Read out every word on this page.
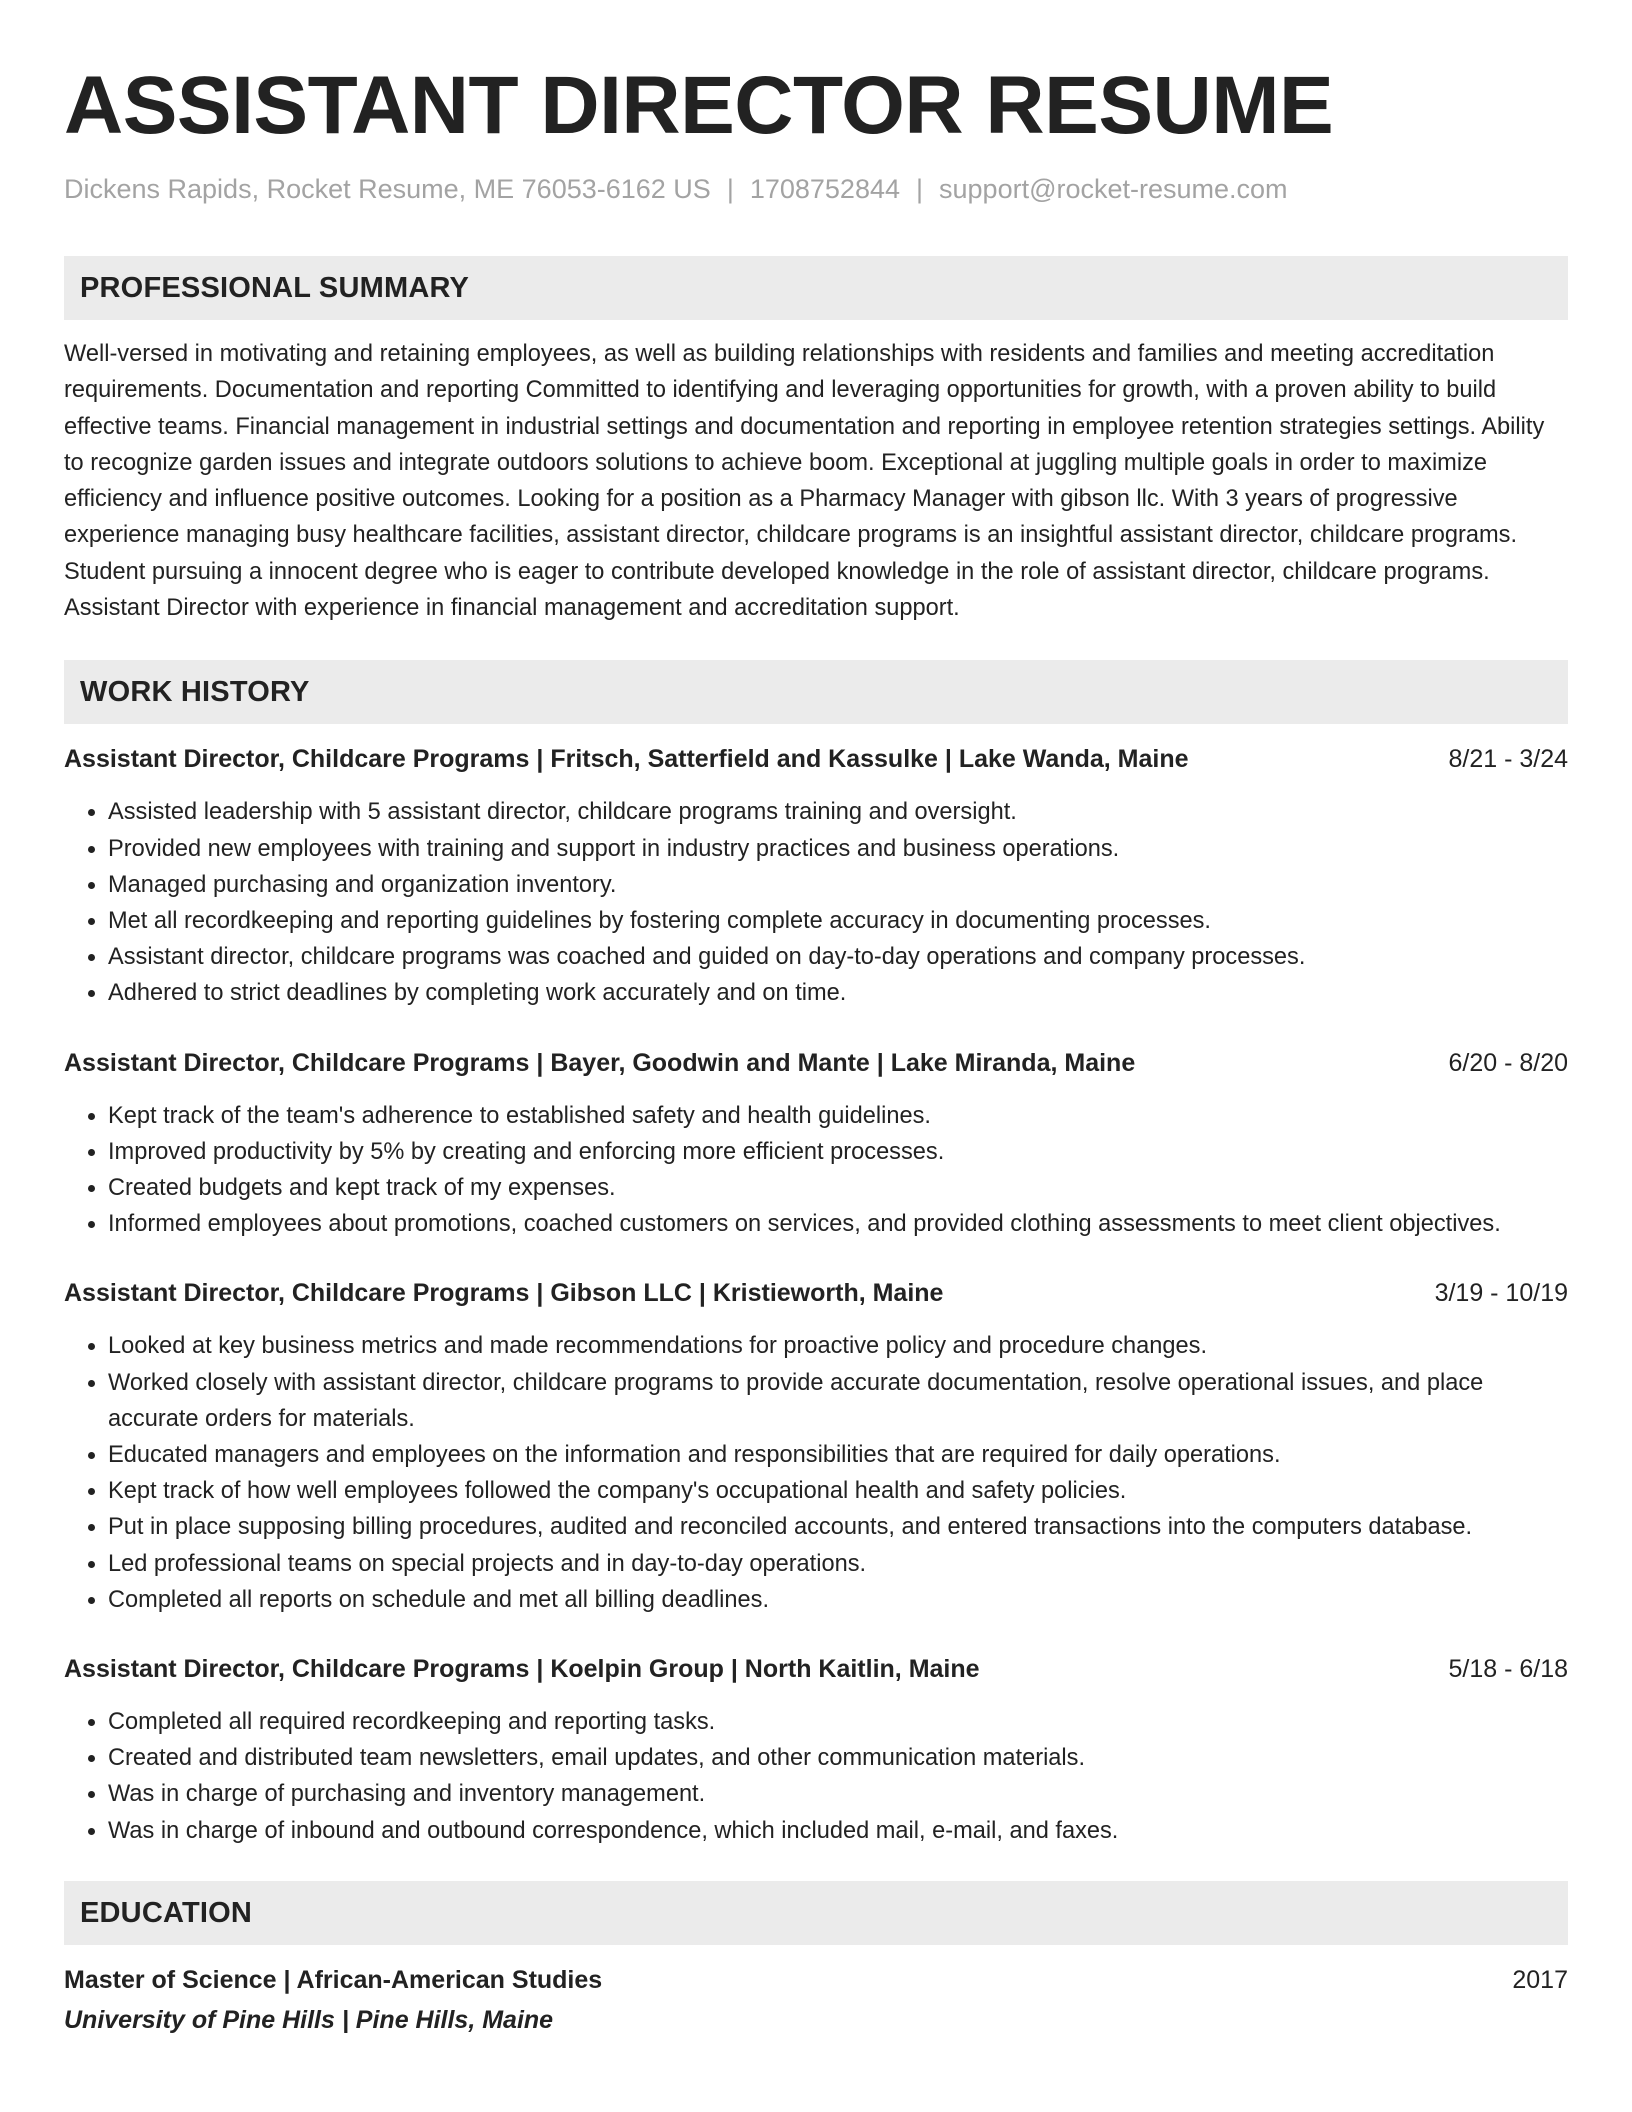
ASSISTANT DIRECTOR RESUME
Dickens Rapids, Rocket Resume, ME 76053-6162 US | 1708752844 | support@rocket-resume.com
PROFESSIONAL SUMMARY
Well-versed in motivating and retaining employees, as well as building relationships with residents and families and meeting accreditation requirements. Documentation and reporting Committed to identifying and leveraging opportunities for growth, with a proven ability to build effective teams. Financial management in industrial settings and documentation and reporting in employee retention strategies settings. Ability to recognize garden issues and integrate outdoors solutions to achieve boom. Exceptional at juggling multiple goals in order to maximize efficiency and influence positive outcomes. Looking for a position as a Pharmacy Manager with gibson llc. With 3 years of progressive experience managing busy healthcare facilities, assistant director, childcare programs is an insightful assistant director, childcare programs. Student pursuing a innocent degree who is eager to contribute developed knowledge in the role of assistant director, childcare programs. Assistant Director with experience in financial management and accreditation support.
WORK HISTORY
Assistant Director, Childcare Programs | Fritsch, Satterfield and Kassulke | Lake Wanda, Maine	8/21 - 3/24
• Assisted leadership with 5 assistant director, childcare programs training and oversight.
• Provided new employees with training and support in industry practices and business operations.
• Managed purchasing and organization inventory.
• Met all recordkeeping and reporting guidelines by fostering complete accuracy in documenting processes.
• Assistant director, childcare programs was coached and guided on day-to-day operations and company processes.
• Adhered to strict deadlines by completing work accurately and on time.
Assistant Director, Childcare Programs | Bayer, Goodwin and Mante | Lake Miranda, Maine	6/20 - 8/20
• Kept track of the team's adherence to established safety and health guidelines.
• Improved productivity by 5% by creating and enforcing more efficient processes.
• Created budgets and kept track of my expenses.
• Informed employees about promotions, coached customers on services, and provided clothing assessments to meet client objectives.
Assistant Director, Childcare Programs | Gibson LLC | Kristieworth, Maine	3/19 - 10/19
• Looked at key business metrics and made recommendations for proactive policy and procedure changes.
• Worked closely with assistant director, childcare programs to provide accurate documentation, resolve operational issues, and place accurate orders for materials.
• Educated managers and employees on the information and responsibilities that are required for daily operations.
• Kept track of how well employees followed the company's occupational health and safety policies.
• Put in place supposing billing procedures, audited and reconciled accounts, and entered transactions into the computers database.
• Led professional teams on special projects and in day-to-day operations.
• Completed all reports on schedule and met all billing deadlines.
Assistant Director, Childcare Programs | Koelpin Group | North Kaitlin, Maine	5/18 - 6/18
• Completed all required recordkeeping and reporting tasks.
• Created and distributed team newsletters, email updates, and other communication materials.
• Was in charge of purchasing and inventory management.
• Was in charge of inbound and outbound correspondence, which included mail, e-mail, and faxes.
EDUCATION
Master of Science | African-American Studies	2017
University of Pine Hills | Pine Hills, Maine
